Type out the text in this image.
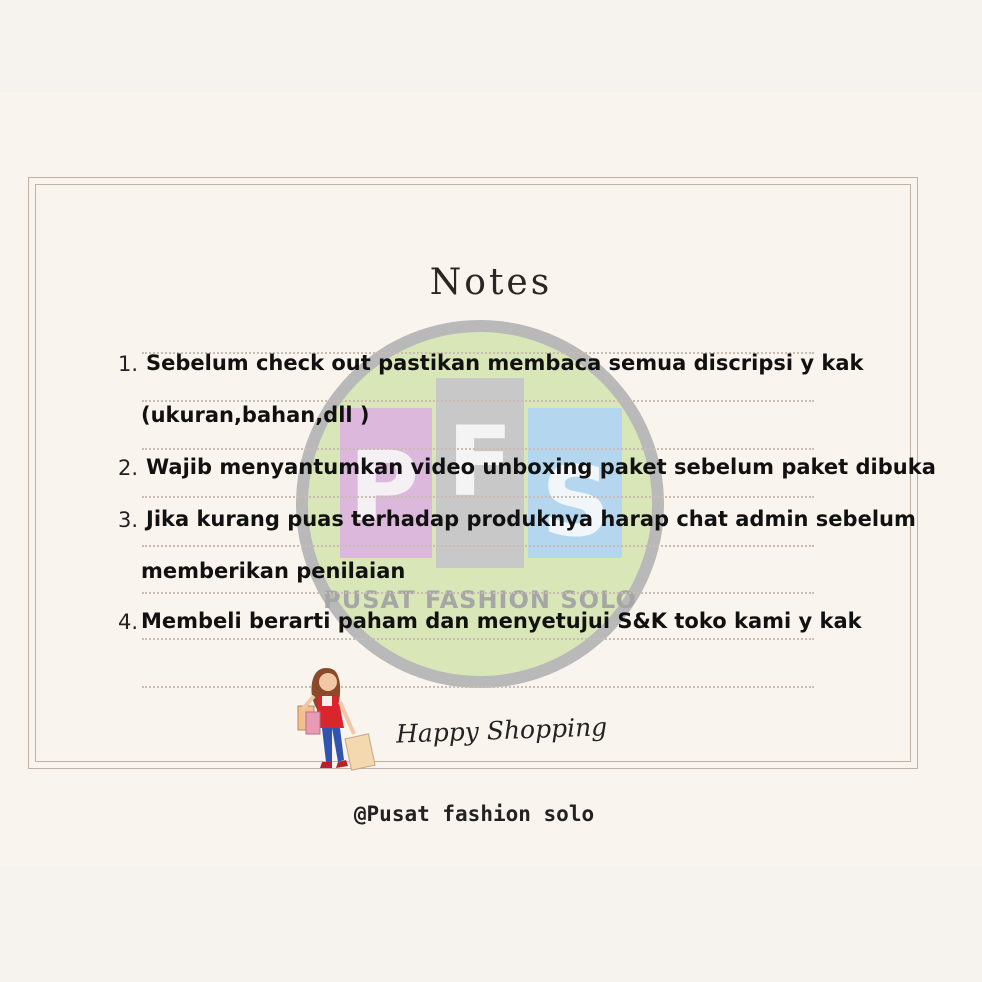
Notes
P F S
PUSAT FASHION SOLO
1. Sebelum check out pastikan membaca semua discripsi y kak
(ukuran,bahan,dll )
2. Wajib menyantumkan video unboxing paket sebelum paket dibuka
3. Jika kurang puas terhadap produknya harap chat admin sebelum
memberikan penilaian
4. Membeli berarti paham dan menyetujui S&K toko kami y kak
Happy Shopping
@Pusat fashion solo
